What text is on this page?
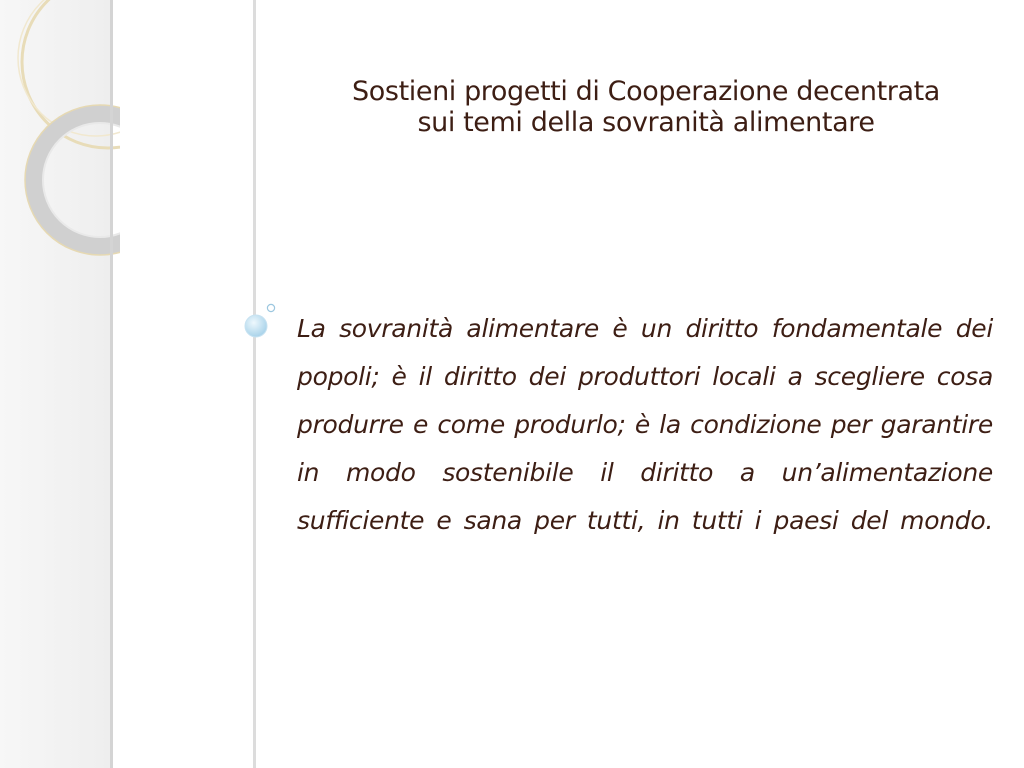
Sostieni progetti di Cooperazione decentrata sui temi della sovranità alimentare
La sovranità alimentare è un diritto fondamentale dei popoli; è il diritto dei produttori locali a scegliere cosa produrre e come produrlo; è la condizione per garantire in modo sostenibile il diritto a un’alimentazione sufficiente e sana per tutti, in tutti i paesi del mondo.
